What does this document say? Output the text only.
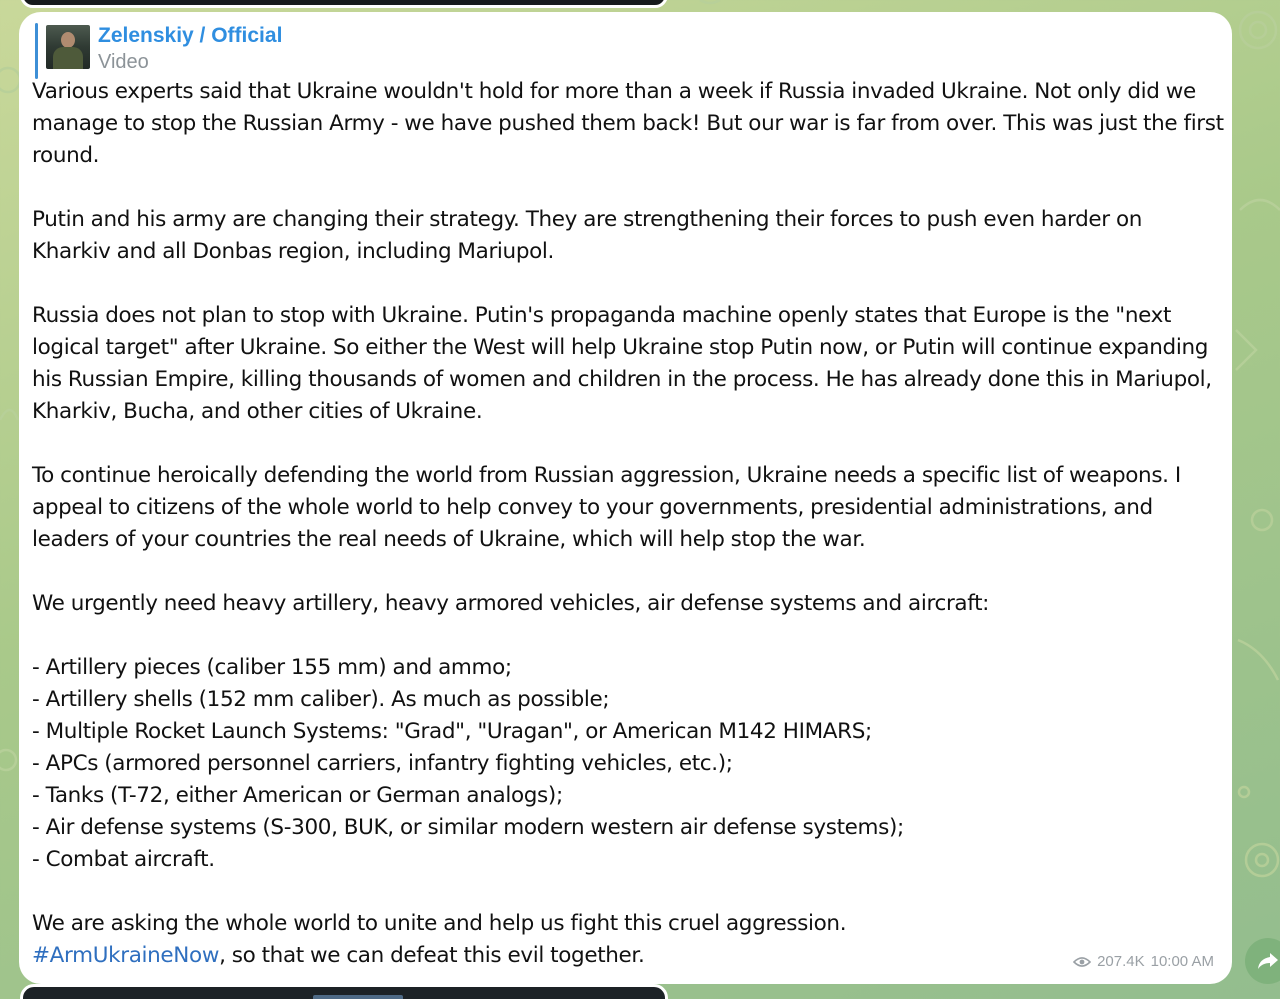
Zelenskiy / Official
Video

Various experts said that Ukraine wouldn't hold for more than a week if Russia invaded Ukraine. Not only did we manage to stop the Russian Army - we have pushed them back! But our war is far from over. This was just the first round.

Putin and his army are changing their strategy. They are strengthening their forces to push even harder on Kharkiv and all Donbas region, including Mariupol.

Russia does not plan to stop with Ukraine. Putin's propaganda machine openly states that Europe is the "next logical target" after Ukraine. So either the West will help Ukraine stop Putin now, or Putin will continue expanding his Russian Empire, killing thousands of women and children in the process. He has already done this in Mariupol, Kharkiv, Bucha, and other cities of Ukraine.

To continue heroically defending the world from Russian aggression, Ukraine needs a specific list of weapons. I appeal to citizens of the whole world to help convey to your governments, presidential administrations, and leaders of your countries the real needs of Ukraine, which will help stop the war.

We urgently need heavy artillery, heavy armored vehicles, air defense systems and aircraft:

- Artillery pieces (caliber 155 mm) and ammo;

- Artillery shells (152 mm caliber). As much as possible;

- Multiple Rocket Launch Systems: "Grad", "Uragan", or American M142 HIMARS;

- APCs (armored personnel carriers, infantry fighting vehicles, etc.);

- Tanks (T-72, either American or German analogs);

- Air defense systems (S-300, BUK, or similar modern western air defense systems);

- Combat aircraft.

We are asking the whole world to unite and help us fight this cruel aggression.

#ArmUkraineNow, so that we can defeat this evil together.	207.4K 10:00 AM
